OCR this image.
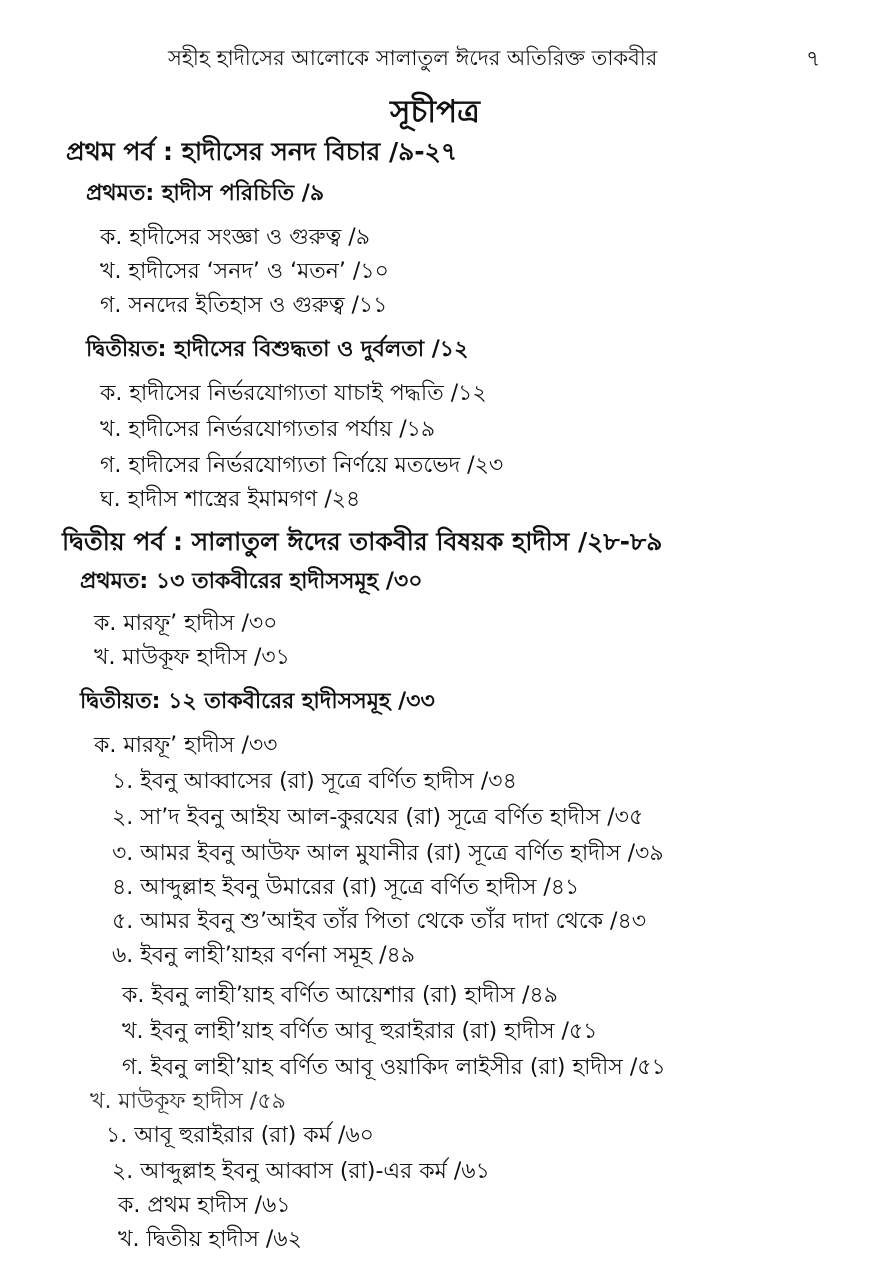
সহীহ হাদীসের আলোকে সালাতুল ঈদের অতিরিক্ত তাকবীর	৭
সূচীপত্র
প্রথম পর্ব : হাদীসের সনদ বিচার /৯-২৭
প্রথমত: হাদীস পরিচিতি /৯
ক. হাদীসের সংজ্ঞা ও গুরুত্ব /৯
খ. হাদীসের ‘সনদ’ ও ‘মতন’ /১০
গ. সনদের ইতিহাস ও গুরুত্ব /১১
দ্বিতীয়ত: হাদীসের বিশুদ্ধতা ও দুর্বলতা /১২
ক. হাদীসের নির্ভরযোগ্যতা যাচাই পদ্ধতি /১২
খ. হাদীসের নির্ভরযোগ্যতার পর্যায় /১৯
গ. হাদীসের নির্ভরযোগ্যতা নির্ণয়ে মতভেদ /২৩
ঘ. হাদীস শাস্ত্রের ইমামগণ /২৪
দ্বিতীয় পর্ব : সালাতুল ঈদের তাকবীর বিষয়ক হাদীস /২৮-৮৯
প্রথমত: ১৩ তাকবীরের হাদীসসমূহ /৩০
ক. মারফূ’ হাদীস /৩০
খ. মাউকূফ হাদীস /৩১
দ্বিতীয়ত: ১২ তাকবীরের হাদীসসমূহ /৩৩
ক. মারফূ’ হাদীস /৩৩
১. ইবনু আব্বাসের (রা) সূত্রে বর্ণিত হাদীস /৩৪
২. সা’দ ইবনু আইয আল-কুরযের (রা) সূত্রে বর্ণিত হাদীস /৩৫
৩. আমর ইবনু আউফ আল মুযানীর (রা) সূত্রে বর্ণিত হাদীস /৩৯
৪. আব্দুল্লাহ ইবনু উমারের (রা) সূত্রে বর্ণিত হাদীস /৪১
৫. আমর ইবনু শু’আইব তাঁর পিতা থেকে তাঁর দাদা থেকে /৪৩
৬. ইবনু লাহী’য়াহর বর্ণনা সমূহ /৪৯
ক. ইবনু লাহী’য়াহ বর্ণিত আয়েশার (রা) হাদীস /৪৯
খ. ইবনু লাহী’য়াহ বর্ণিত আবূ হুরাইরার (রা) হাদীস /৫১
গ. ইবনু লাহী’য়াহ বর্ণিত আবূ ওয়াকিদ লাইসীর (রা) হাদীস /৫১
খ. মাউকূফ হাদীস /৫৯
১. আবূ হুরাইরার (রা) কর্ম /৬০
২. আব্দুল্লাহ ইবনু আব্বাস (রা)-এর কর্ম /৬১
ক. প্রথম হাদীস /৬১
খ. দ্বিতীয় হাদীস /৬২
